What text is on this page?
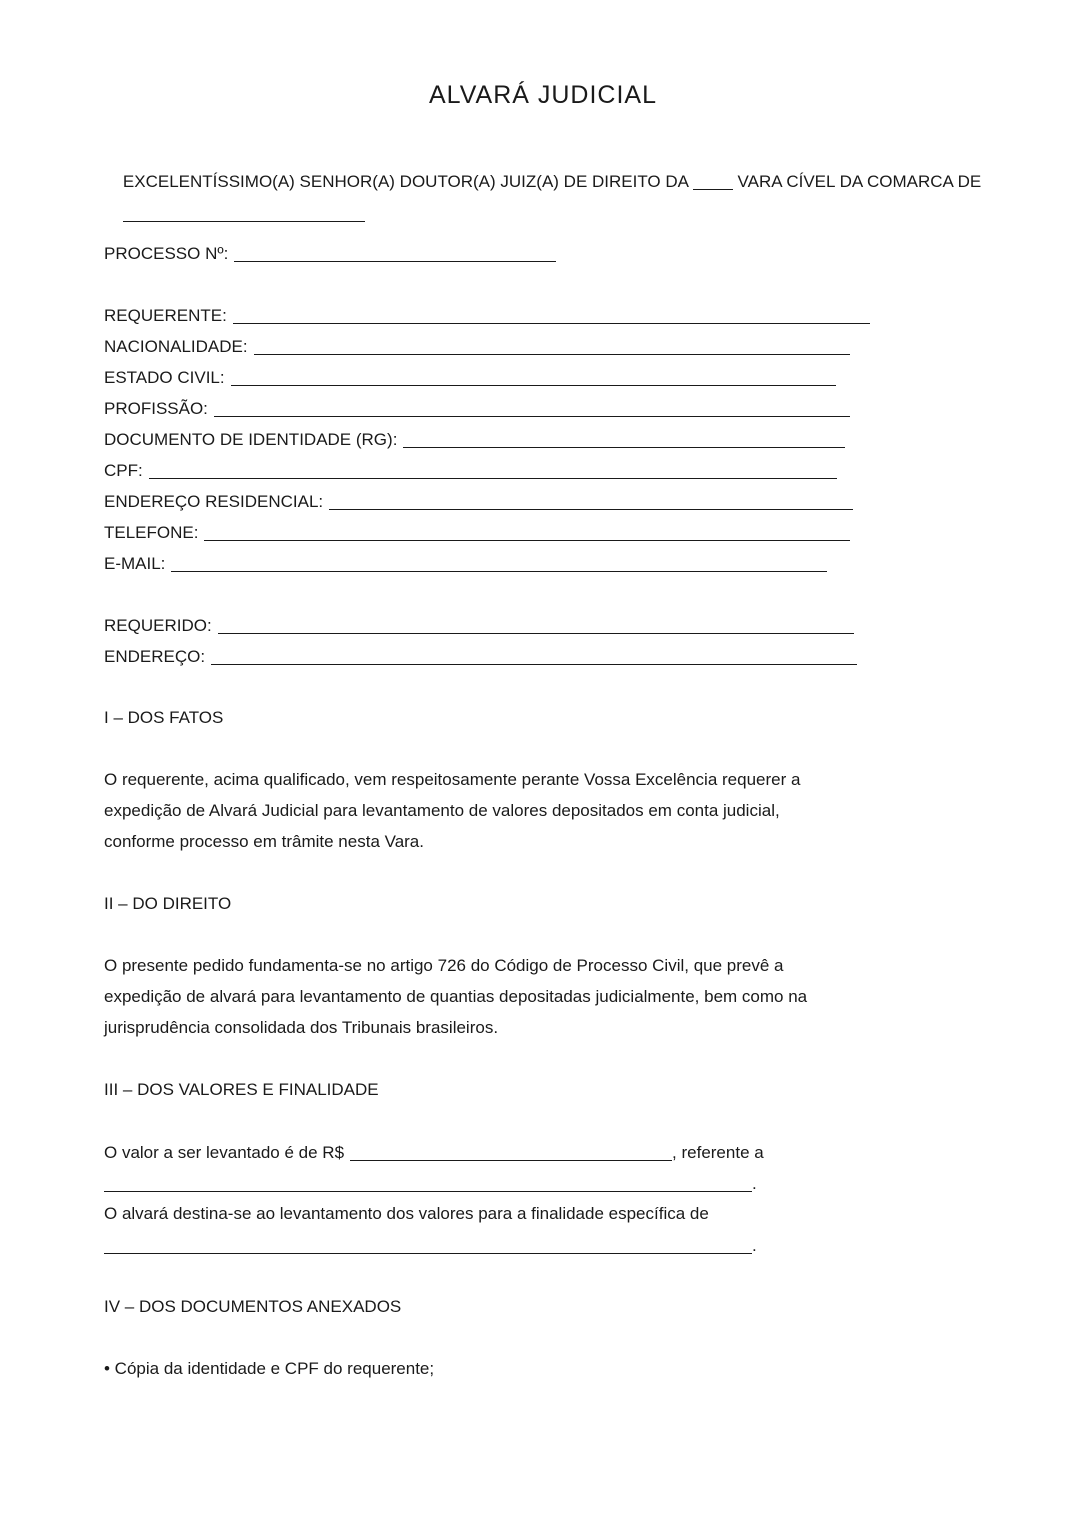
ALVARÁ JUDICIAL

EXCELENTÍSSIMO(A) SENHOR(A) DOUTOR(A) JUIZ(A) DE DIREITO DA	VARA CÍVEL DA COMARCA DE

PROCESSO Nº:
REQUERENTE:
NACIONALIDADE:
ESTADO CIVIL:
PROFISSÃO:
DOCUMENTO DE IDENTIDADE (RG):
CPF:
ENDEREÇO RESIDENCIAL:
TELEFONE:
E-MAIL:
REQUERIDO:
ENDEREÇO:
I – DOS FATOS
O requerente, acima qualificado, vem respeitosamente perante Vossa Excelência requerer a
expedição de Alvará Judicial para levantamento de valores depositados em conta judicial,
conforme processo em trâmite nesta Vara.
II – DO DIREITO
O presente pedido fundamenta-se no artigo 726 do Código de Processo Civil, que prevê a
expedição de alvará para levantamento de quantias depositadas judicialmente, bem como na
jurisprudência consolidada dos Tribunais brasileiros.
III – DOS VALORES E FINALIDADE
O valor a ser levantado é de R$	, referente a
.
O alvará destina-se ao levantamento dos valores para a finalidade específica de
.
IV – DOS DOCUMENTOS ANEXADOS
• Cópia da identidade e CPF do requerente;
